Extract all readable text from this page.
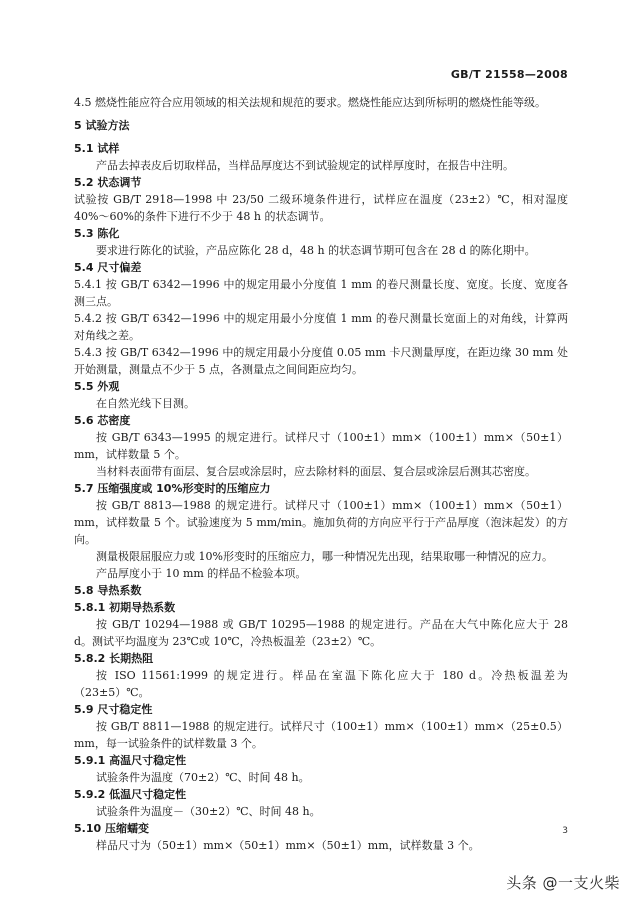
GB/T 21558—2008

4.5 燃烧性能应符合应用领域的相关法规和规范的要求。燃烧性能应达到所标明的燃烧性能等级。

5 试验方法

5.1 试样

产品去掉表皮后切取样品，当样品厚度达不到试验规定的试样厚度时，在报告中注明。

5.2 状态调节

试验按 GB/T 2918—1998 中 23/50 二级环境条件进行，试样应在温度（23±2）℃，相对湿度 40%～60%的条件下进行不少于 48 h 的状态调节。

5.3 陈化

要求进行陈化的试验，产品应陈化 28 d，48 h 的状态调节期可包含在 28 d 的陈化期中。

5.4 尺寸偏差

5.4.1 按 GB/T 6342—1996 中的规定用最小分度值 1 mm 的卷尺测量长度、宽度。长度、宽度各测三点。

5.4.2 按 GB/T 6342—1996 中的规定用最小分度值 1 mm 的卷尺测量长宽面上的对角线，计算两对角线之差。

5.4.3 按 GB/T 6342—1996 中的规定用最小分度值 0.05 mm 卡尺测量厚度，在距边缘 30 mm 处开始测量，测量点不少于 5 点，各测量点之间间距应均匀。

5.5 外观

在自然光线下目测。

5.6 芯密度

按 GB/T 6343—1995 的规定进行。试样尺寸（100±1）mm×（100±1）mm×（50±1）mm，试样数量 5 个。

当材料表面带有面层、复合层或涂层时，应去除材料的面层、复合层或涂层后测其芯密度。

5.7 压缩强度或 10%形变时的压缩应力

按 GB/T 8813—1988 的规定进行。试样尺寸（100±1）mm×（100±1）mm×（50±1）mm，试样数量 5 个。试验速度为 5 mm/min。施加负荷的方向应平行于产品厚度（泡沫起发）的方向。

测量极限屈服应力或 10%形变时的压缩应力，哪一种情况先出现，结果取哪一种情况的应力。

产品厚度小于 10 mm 的样品不检验本项。

5.8 导热系数

5.8.1 初期导热系数

按 GB/T 10294—1988 或 GB/T 10295—1988 的规定进行。产品在大气中陈化应大于 28 d。测试平均温度为 23℃或 10℃，冷热板温差（23±2）℃。

5.8.2 长期热阻

按 ISO 11561:1999 的规定进行。样品在室温下陈化应大于 180 d。冷热板温差为（23±5）℃。

5.9 尺寸稳定性

按 GB/T 8811—1988 的规定进行。试样尺寸（100±1）mm×（100±1）mm×（25±0.5）mm，每一试验条件的试样数量 3 个。

5.9.1 高温尺寸稳定性

试验条件为温度（70±2）℃、时间 48 h。

5.9.2 低温尺寸稳定性

试验条件为温度－（30±2）℃、时间 48 h。

5.10 压缩蠕变

样品尺寸为（50±1）mm×（50±1）mm×（50±1）mm，试样数量 3 个。

3
头条 @一支火柴
